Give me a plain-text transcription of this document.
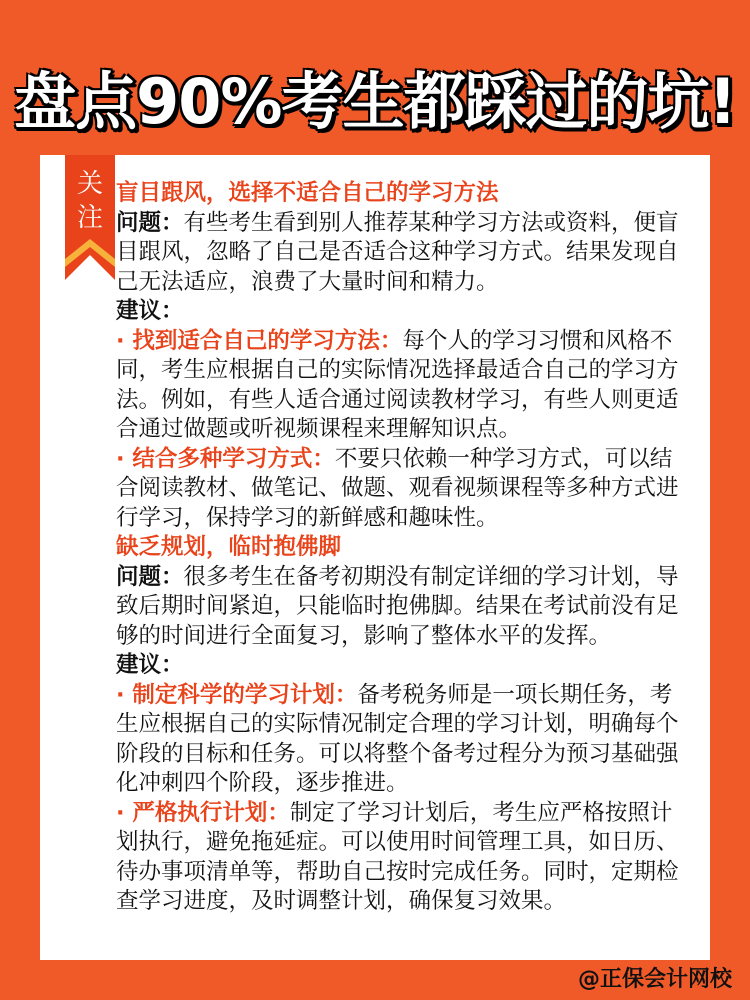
盘点90%考生都踩过的坑!
关注
盲目跟风，选择不适合自己的学习方法
问题：有些考生看到别人推荐某种学习方法或资料，便盲目跟风，忽略了自己是否适合这种学习方式。结果发现自己无法适应，浪费了大量时间和精力。
建议：
· 找到适合自己的学习方法：每个人的学习习惯和风格不同，考生应根据自己的实际情况选择最适合自己的学习方法。例如，有些人适合通过阅读教材学习，有些人则更适合通过做题或听视频课程来理解知识点。
· 结合多种学习方式：不要只依赖一种学习方式，可以结合阅读教材、做笔记、做题、观看视频课程等多种方式进行学习，保持学习的新鲜感和趣味性。
缺乏规划，临时抱佛脚
问题：很多考生在备考初期没有制定详细的学习计划，导致后期时间紧迫，只能临时抱佛脚。结果在考试前没有足够的时间进行全面复习，影响了整体水平的发挥。
建议：
· 制定科学的学习计划：备考税务师是一项长期任务，考生应根据自己的实际情况制定合理的学习计划，明确每个阶段的目标和任务。可以将整个备考过程分为预习基础强化冲刺四个阶段，逐步推进。
· 严格执行计划：制定了学习计划后，考生应严格按照计划执行，避免拖延症。可以使用时间管理工具，如日历、待办事项清单等，帮助自己按时完成任务。同时，定期检查学习进度，及时调整计划，确保复习效果。
@正保会计网校
